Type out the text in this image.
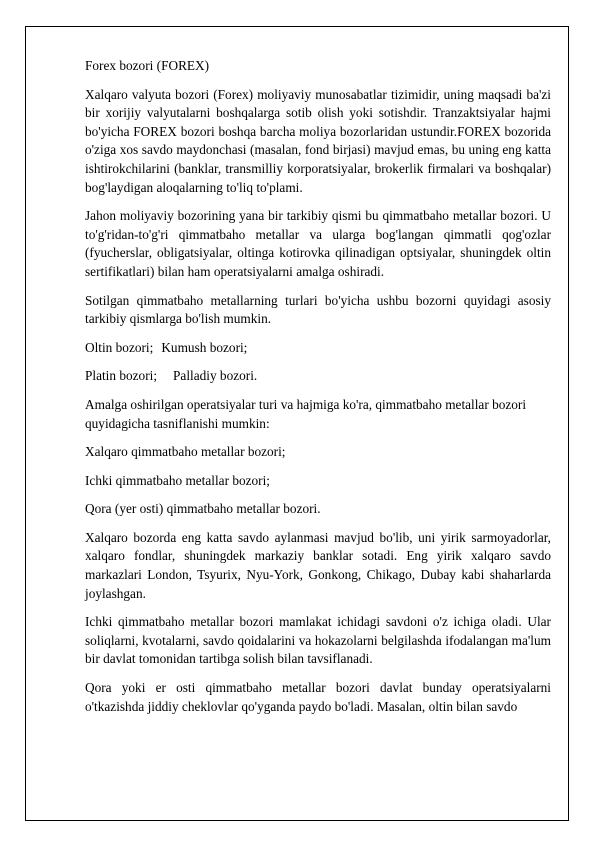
Forex bozori (FOREX)

Xalqaro valyuta bozori (Forex) moliyaviy munosabatlar tizimidir, uning maqsadi ba'zi bir xorijiy valyutalarni boshqalarga sotib olish yoki sotishdir. Tranzaktsiyalar hajmi bo'yicha FOREX bozori boshqa barcha moliya bozorlaridan ustundir.FOREX bozorida o'ziga xos savdo maydonchasi (masalan, fond birjasi) mavjud emas, bu uning eng katta ishtirokchilarini (banklar, transmilliy korporatsiyalar, brokerlik firmalari va boshqalar) bog'laydigan aloqalarning to'liq to'plami.

Jahon moliyaviy bozorining yana bir tarkibiy qismi bu qimmatbaho metallar bozori. U to'g'ridan-to'g'ri qimmatbaho metallar va ularga bog'langan qimmatli qog'ozlar (fyucherslar, obligatsiyalar, oltinga kotirovka qilinadigan optsiyalar, shuningdek oltin sertifikatlari) bilan ham operatsiyalarni amalga oshiradi.

Sotilgan qimmatbaho metallarning turlari bo'yicha ushbu bozorni quyidagi asosiy tarkibiy qismlarga bo'lish mumkin.

Oltin bozori; Kumush bozori;

Platin bozori; Palladiy bozori.

Amalga oshirilgan operatsiyalar turi va hajmiga ko'ra, qimmatbaho metallar bozori quyidagicha tasniflanishi mumkin:

Xalqaro qimmatbaho metallar bozori;

Ichki qimmatbaho metallar bozori;

Qora (yer osti) qimmatbaho metallar bozori.

Xalqaro bozorda eng katta savdo aylanmasi mavjud bo'lib, uni yirik sarmoyadorlar, xalqaro fondlar, shuningdek markaziy banklar sotadi. Eng yirik xalqaro savdo markazlari London, Tsyurix, Nyu-York, Gonkong, Chikago, Dubay kabi shaharlarda joylashgan.

Ichki qimmatbaho metallar bozori mamlakat ichidagi savdoni o'z ichiga oladi. Ular soliqlarni, kvotalarni, savdo qoidalarini va hokazolarni belgilashda ifodalangan ma'lum bir davlat tomonidan tartibga solish bilan tavsiflanadi.

Qora yoki er osti qimmatbaho metallar bozori davlat bunday operatsiyalarni o'tkazishda jiddiy cheklovlar qo'yganda paydo bo'ladi. Masalan, oltin bilan savdo
